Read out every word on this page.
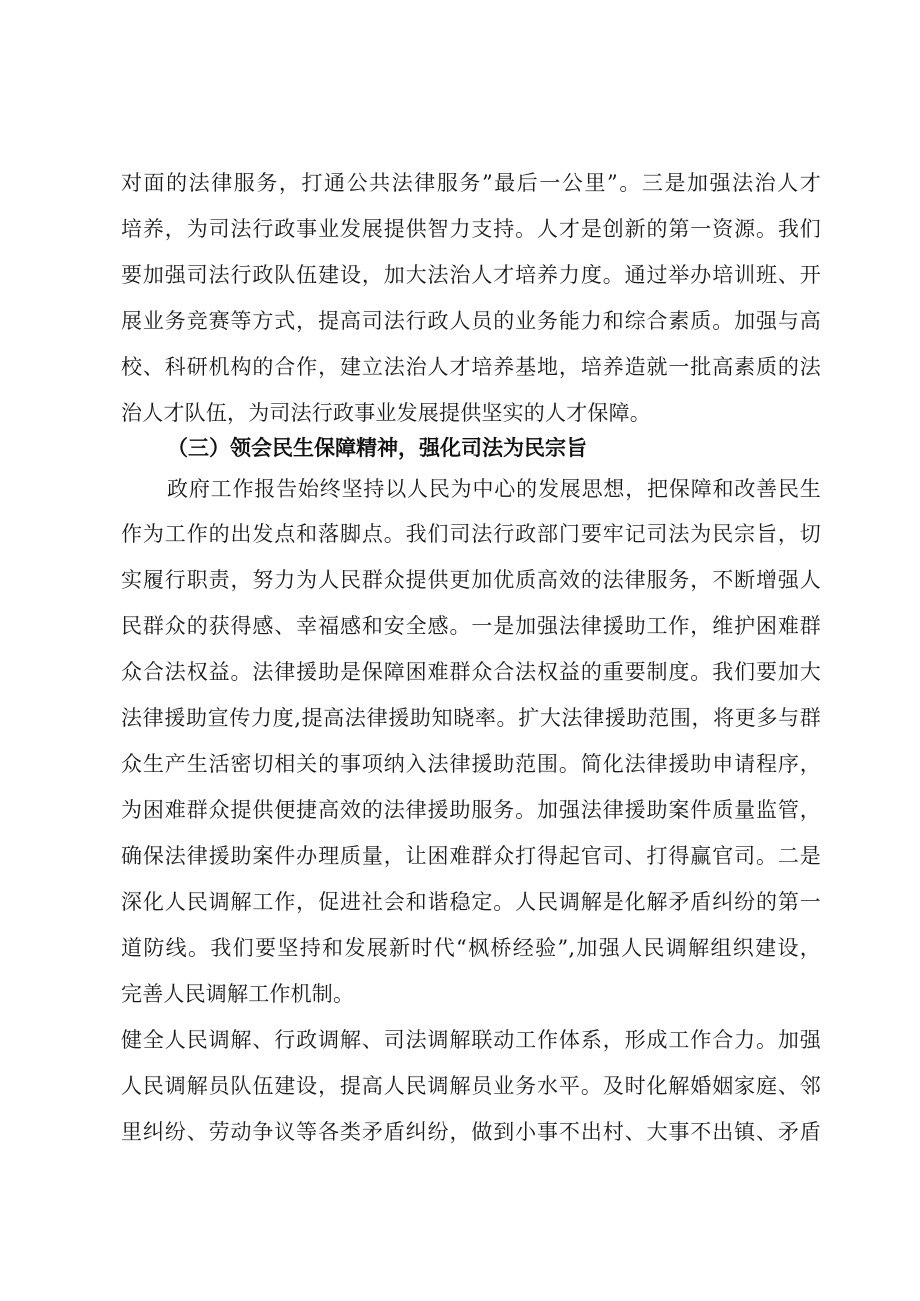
对面的法律服务，打通公共法律服务”最后一公里”。三是加强法治人才
培养，为司法行政事业发展提供智力支持。人才是创新的第一资源。我们
要加强司法行政队伍建设，加大法治人才培养力度。通过举办培训班、开
展业务竞赛等方式，提高司法行政人员的业务能力和综合素质。加强与高
校、科研机构的合作，建立法治人才培养基地，培养造就一批高素质的法
治人才队伍，为司法行政事业发展提供坚实的人才保障。
（三）领会民生保障精神，强化司法为民宗旨
政府工作报告始终坚持以人民为中心的发展思想，把保障和改善民生
作为工作的出发点和落脚点。我们司法行政部门要牢记司法为民宗旨，切
实履行职责，努力为人民群众提供更加优质高效的法律服务，不断增强人
民群众的获得感、幸福感和安全感。一是加强法律援助工作，维护困难群
众合法权益。法律援助是保障困难群众合法权益的重要制度。我们要加大
法律援助宣传力度,提高法律援助知晓率。扩大法律援助范围，将更多与群
众生产生活密切相关的事项纳入法律援助范围。简化法律援助申请程序，
为困难群众提供便捷高效的法律援助服务。加强法律援助案件质量监管，
确保法律援助案件办理质量，让困难群众打得起官司、打得赢官司。二是
深化人民调解工作，促进社会和谐稳定。人民调解是化解矛盾纠纷的第一
道防线。我们要坚持和发展新时代“枫桥经验”,加强人民调解组织建设，
完善人民调解工作机制。
健全人民调解、行政调解、司法调解联动工作体系，形成工作合力。加强
人民调解员队伍建设，提高人民调解员业务水平。及时化解婚姻家庭、邻
里纠纷、劳动争议等各类矛盾纠纷，做到小事不出村、大事不出镇、矛盾
